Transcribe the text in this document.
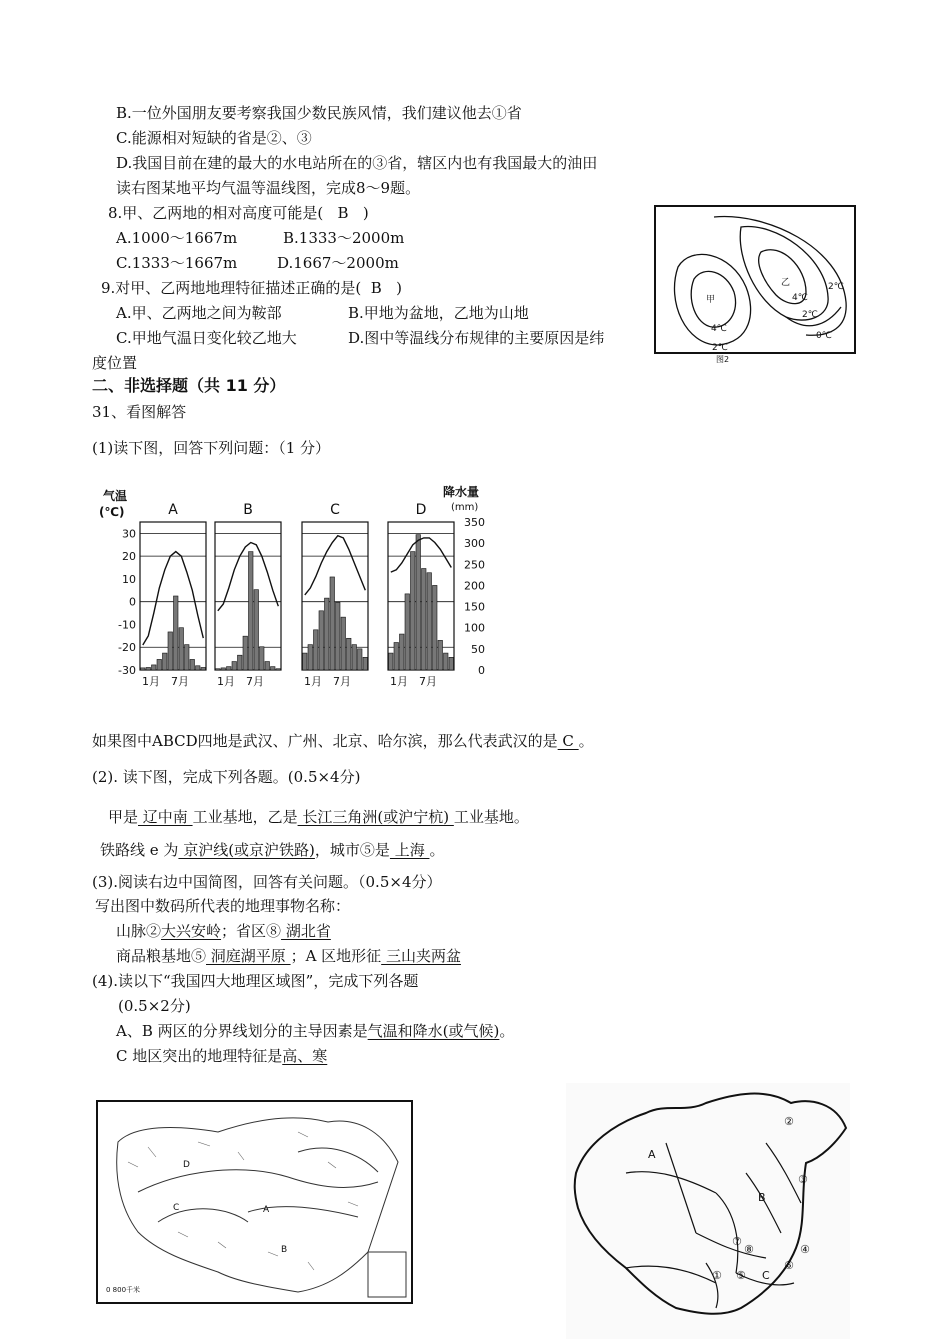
B.一位外国朋友要考察我国少数民族风情，我们建议他去①省
C.能源相对短缺的省是②、③
D.我国目前在建的最大的水电站所在的③省，辖区内也有我国最大的油田
读右图某地平均气温等温线图，完成8～9题。
8.甲、乙两地的相对高度可能是( B )
A.1000～1667m	B.1333～2000m
C.1333～1667m	D.1667～2000m
9.对甲、乙两地地理特征描述正确的是( B )
A.甲、乙两地之间为鞍部	B.甲地为盆地，乙地为山地
C.甲地气温日变化较乙地大	D.图中等温线分布规律的主要原因是纬
度位置
甲
4℃
2℃
乙
4℃
2℃
2℃
0℃
图2
二、非选择题（共 11 分）
31、看图解答
(1)读下图，回答下列问题：（1 分）
气温
(℃)
降水量
(mm)
30
20
10
0
-10
-20
-30
350
300
250
200
150
100
50
0
A
1月 7月
B
1月 7月
C
1月 7月
D
1月 7月
如果图中ABCD四地是武汉、广州、北京、哈尔滨，那么代表武汉的是 C 。
(2). 读下图，完成下列各题。(0.5×4分)
甲是 辽中南 工业基地，乙是 长江三角洲(或沪宁杭) 工业基地。
铁路线 e 为 京沪线(或京沪铁路)，城市⑤是 上海 。
(3).阅读右边中国简图，回答有关问题。（0.5×4分）
写出图中数码所代表的地理事物名称：
山脉②大兴安岭；省区⑧ 湖北省
商品粮基地⑤ 洞庭湖平原 ；A 区地形征 三山夹两盆
(4).读以下“我国四大地理区域图”，完成下列各题
(0.5×2分)
A、B 两区的分界线划分的主导因素是气温和降水(或气候)。
C 地区突出的地理特征是高、寒
D
C	A
B
0 800千米
A
B
C
②
③
④
⑤
⑥
⑦
⑧
①
